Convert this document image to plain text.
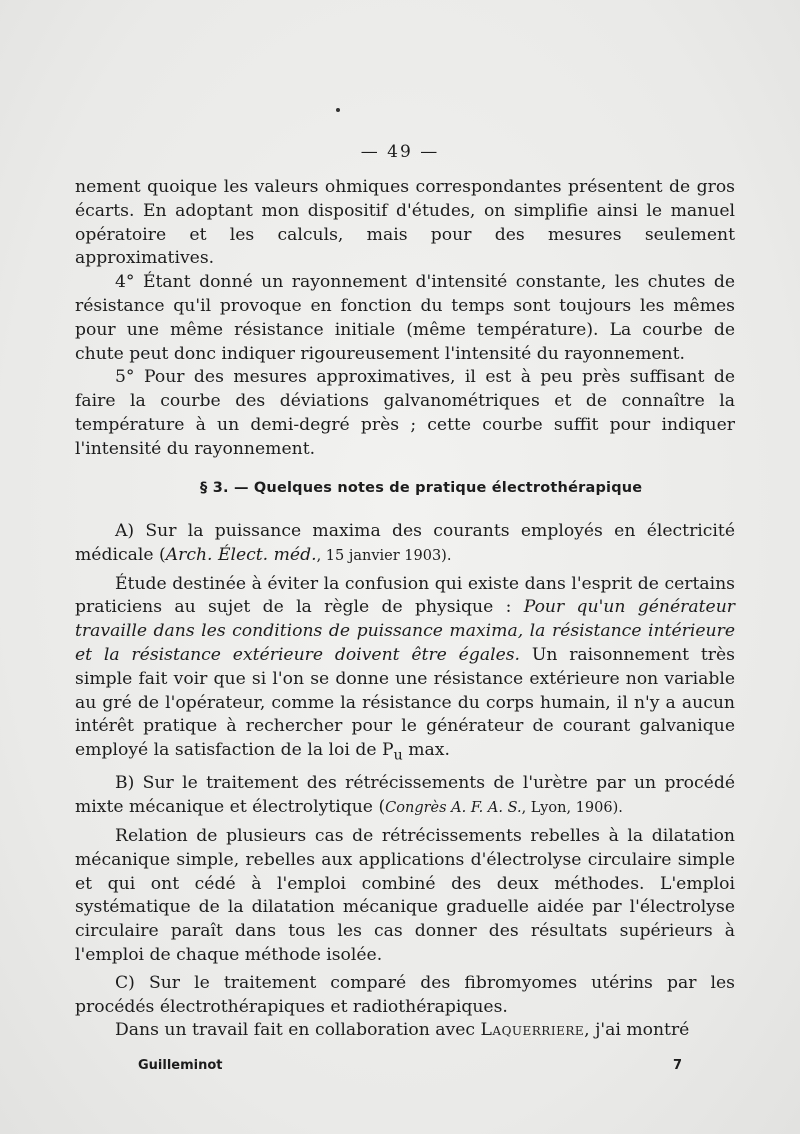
— 49 —

nement quoique les valeurs ohmiques correspondantes présentent de gros écarts. En adoptant mon dispositif d'études, on simplifie ainsi le manuel opératoire et les calculs, mais pour des mesures seulement approximatives.

4° Étant donné un rayonnement d'intensité constante, les chutes de résistance qu'il provoque en fonction du temps sont toujours les mêmes pour une même résistance initiale (même température). La courbe de chute peut donc indiquer rigoureusement l'intensité du rayonnement.

5° Pour des mesures approximatives, il est à peu près suffisant de faire la courbe des déviations galvanométriques et de connaître la température à un demi-degré près ; cette courbe suffit pour indiquer l'intensité du rayonnement.

§ 3. — Quelques notes de pratique électrothérapique

A) Sur la puissance maxima des courants employés en électricité médicale (Arch. Élect. méd., 15 janvier 1903).

Étude destinée à éviter la confusion qui existe dans l'esprit de certains praticiens au sujet de la règle de physique : Pour qu'un générateur travaille dans les conditions de puissance maxima, la résistance intérieure et la résistance extérieure doivent être égales. Un raisonnement très simple fait voir que si l'on se donne une résistance extérieure non variable au gré de l'opérateur, comme la résistance du corps humain, il n'y a aucun intérêt pratique à rechercher pour le générateur de courant galvanique employé la satisfaction de la loi de $P_u$ max.

B) Sur le traitement des rétrécissements de l'urètre par un procédé mixte mécanique et électrolytique (Congrès A. F. A. S., Lyon, 1906).

Relation de plusieurs cas de rétrécissements rebelles à la dilatation mécanique simple, rebelles aux applications d'électrolyse circulaire simple et qui ont cédé à l'emploi combiné des deux méthodes. L'emploi systématique de la dilatation mécanique graduelle aidée par l'électrolyse circulaire paraît dans tous les cas donner des résultats supérieurs à l'emploi de chaque méthode isolée.

C) Sur le traitement comparé des fibromyomes utérins par les procédés électrothérapiques et radiothérapiques.

Dans un travail fait en collaboration avec Laquerriere, j'ai montré

Guilleminot	7
